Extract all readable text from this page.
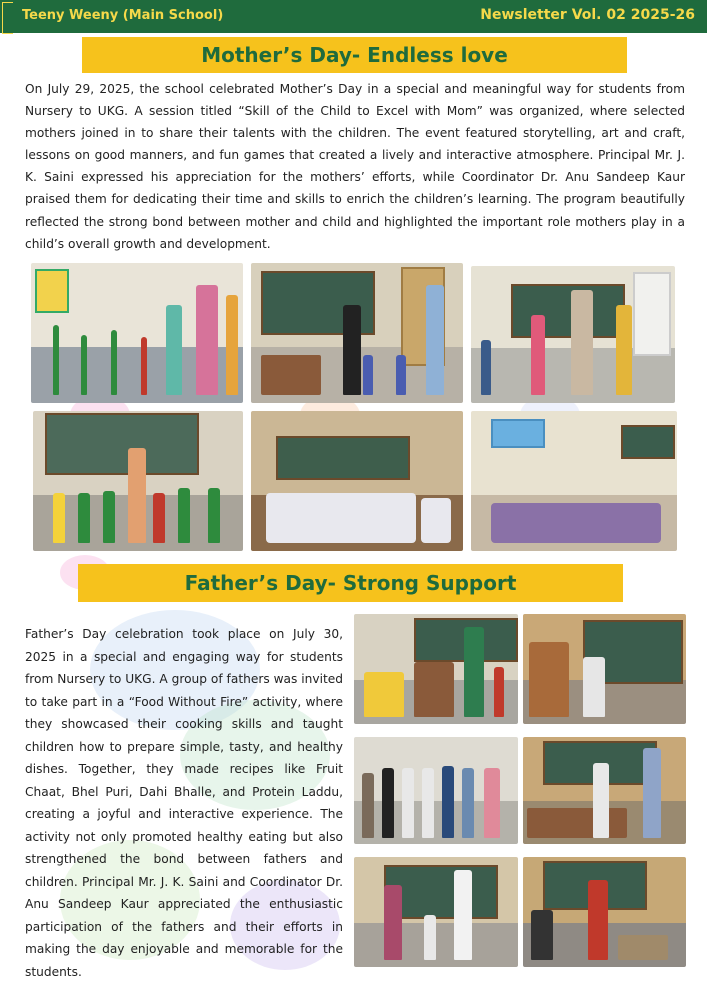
Teeny Weeny (Main School)	Newsletter Vol. 02 2025-26
Mother’s Day- Endless love
On July 29, 2025, the school celebrated Mother’s Day in a special and meaningful way for students from Nursery to UKG. A session titled “Skill of the Child to Excel with Mom” was organized, where selected mothers joined in to share their talents with the children. The event featured storytelling, art and craft, lessons on good manners, and fun games that created a lively and interactive atmosphere. Principal Mr. J. K. Saini expressed his appreciation for the mothers’ efforts, while Coordinator Dr. Anu Sandeep Kaur praised them for dedicating their time and skills to enrich the children’s learning. The program beautifully reflected the strong bond between mother and child and highlighted the important role mothers play in a child’s overall growth and development.
Father’s Day- Strong Support
Father’s Day celebration took place on July 30, 2025 in a special and engaging way for students from Nursery to UKG. A group of fathers was invited to take part in a “Food Without Fire” activity, where they showcased their cooking skills and taught children how to prepare simple, tasty, and healthy dishes. Together, they made recipes like Fruit Chaat, Bhel Puri, Dahi Bhalle, and Protein Laddu, creating a joyful and interactive experience. The activity not only promoted healthy eating but also strengthened the bond between fathers and children. Principal Mr. J. K. Saini and Coordinator Dr. Anu Sandeep Kaur appreciated the enthusiastic participation of the fathers and their efforts in making the day enjoyable and memorable for the students.
